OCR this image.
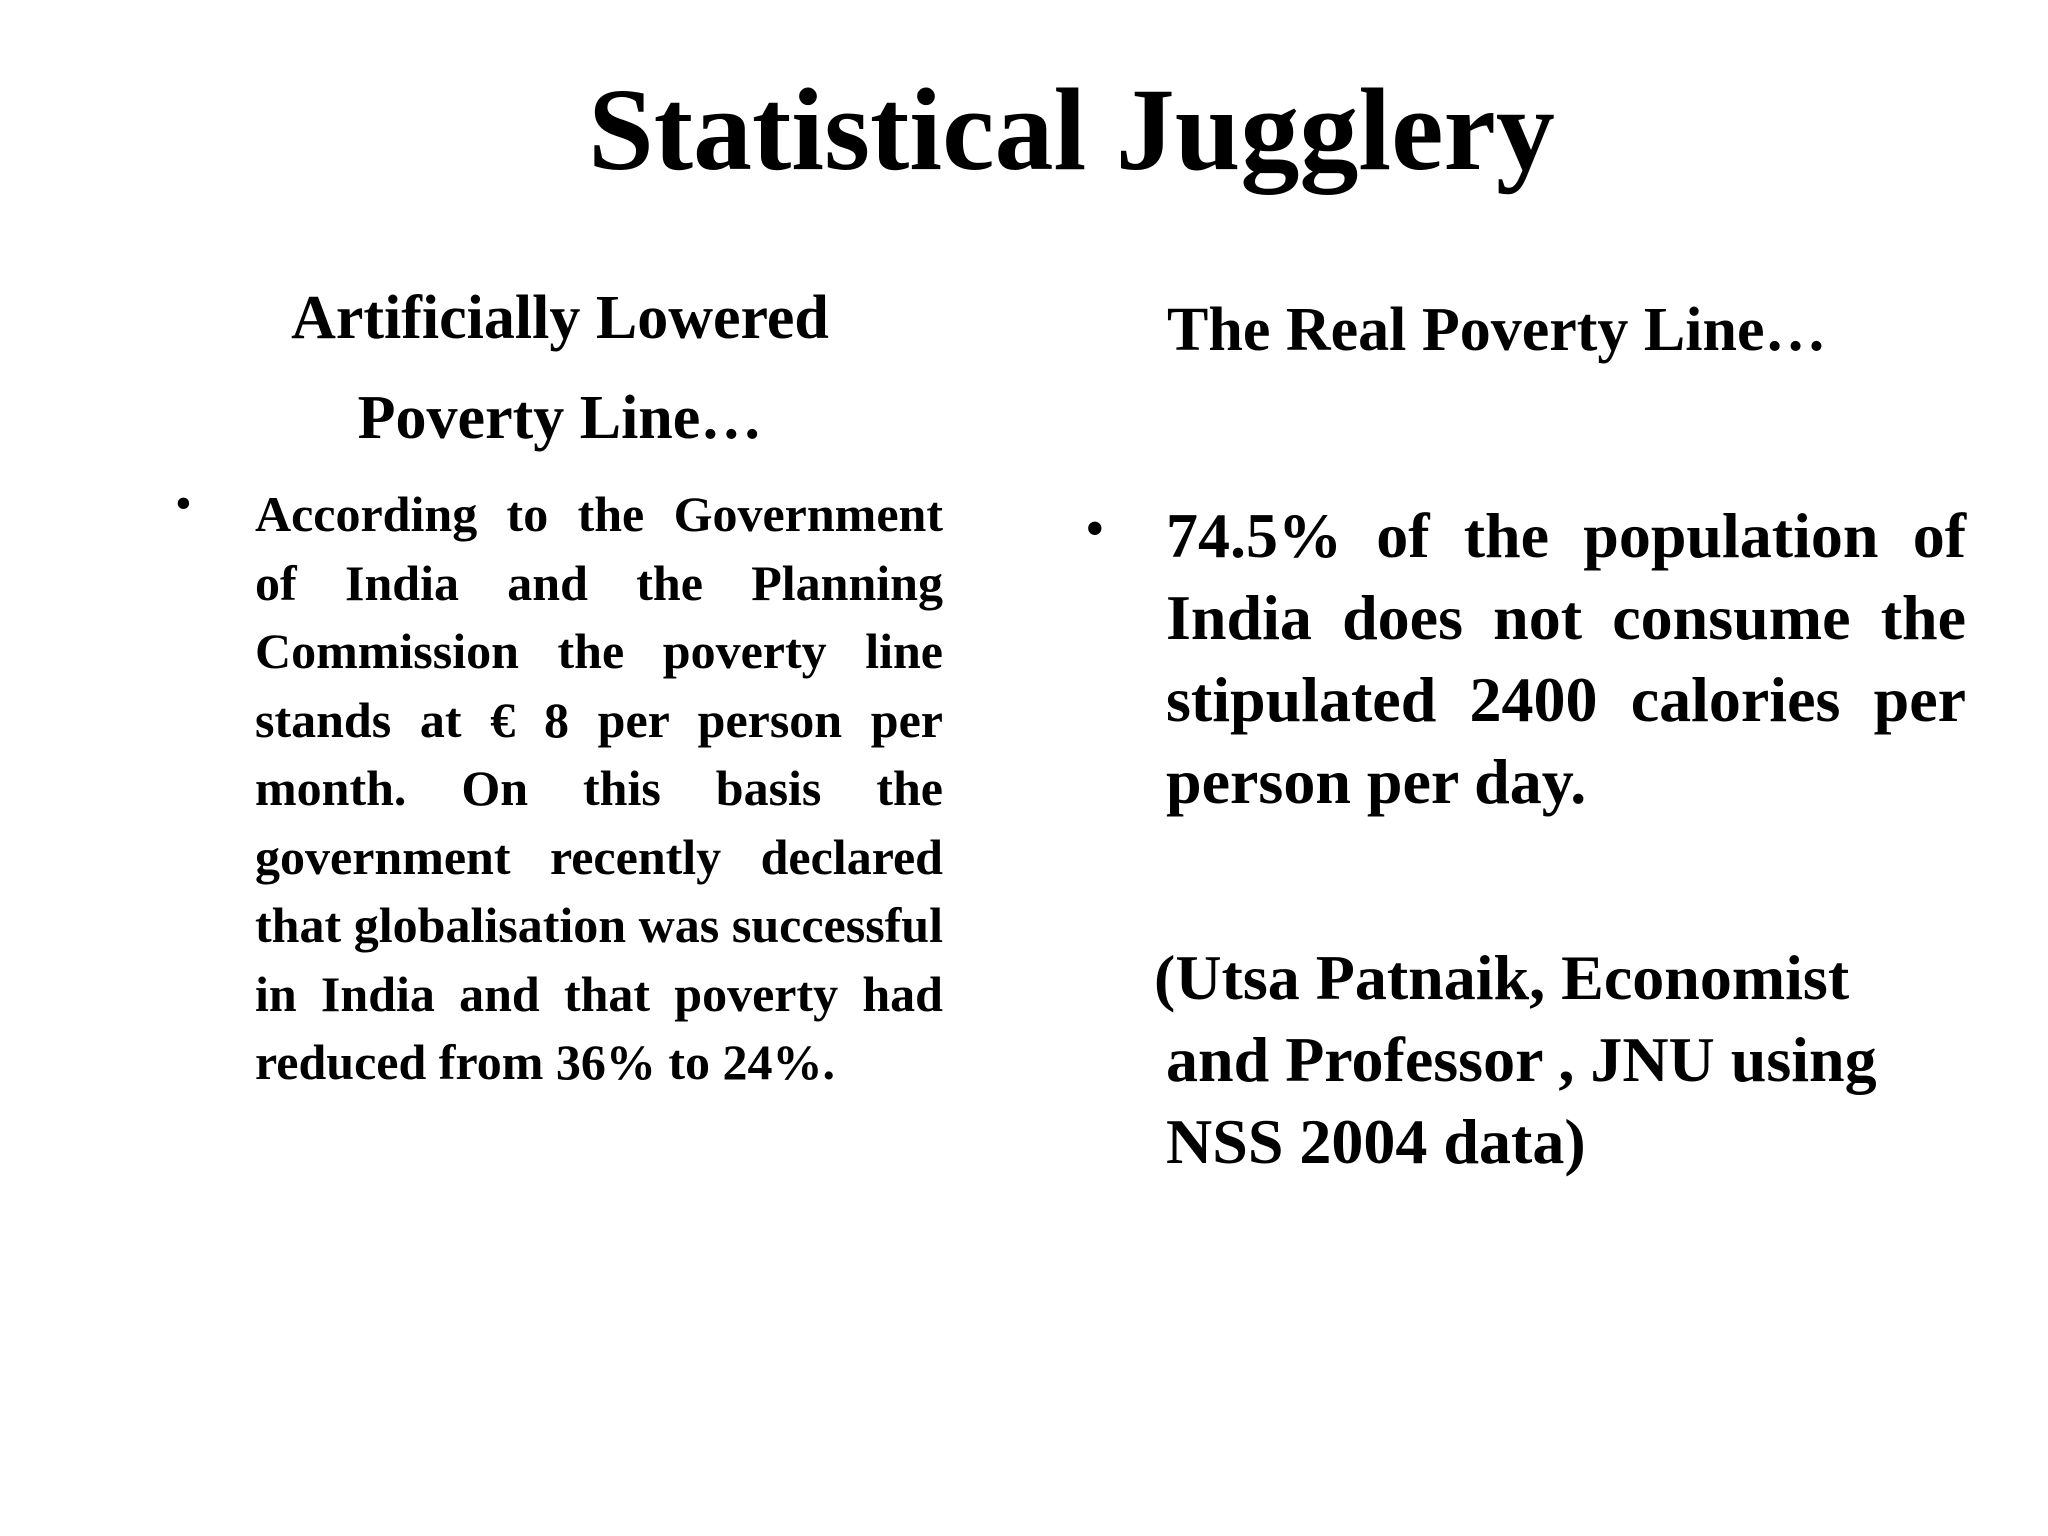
Statistical Jugglery
Artificially Lowered
Poverty Line…
• According to the Government of India and the Planning Commission the poverty line stands at € 8 per person per month. On this basis the government recently declared that globalisation was successful in India and that poverty had reduced from 36% to 24%.
The Real Poverty Line…
• 74.5% of the population of India does not consume the stipulated 2400 calories per person per day.
(Utsa Patnaik, Economist
and Professor , JNU using
NSS 2004 data)
